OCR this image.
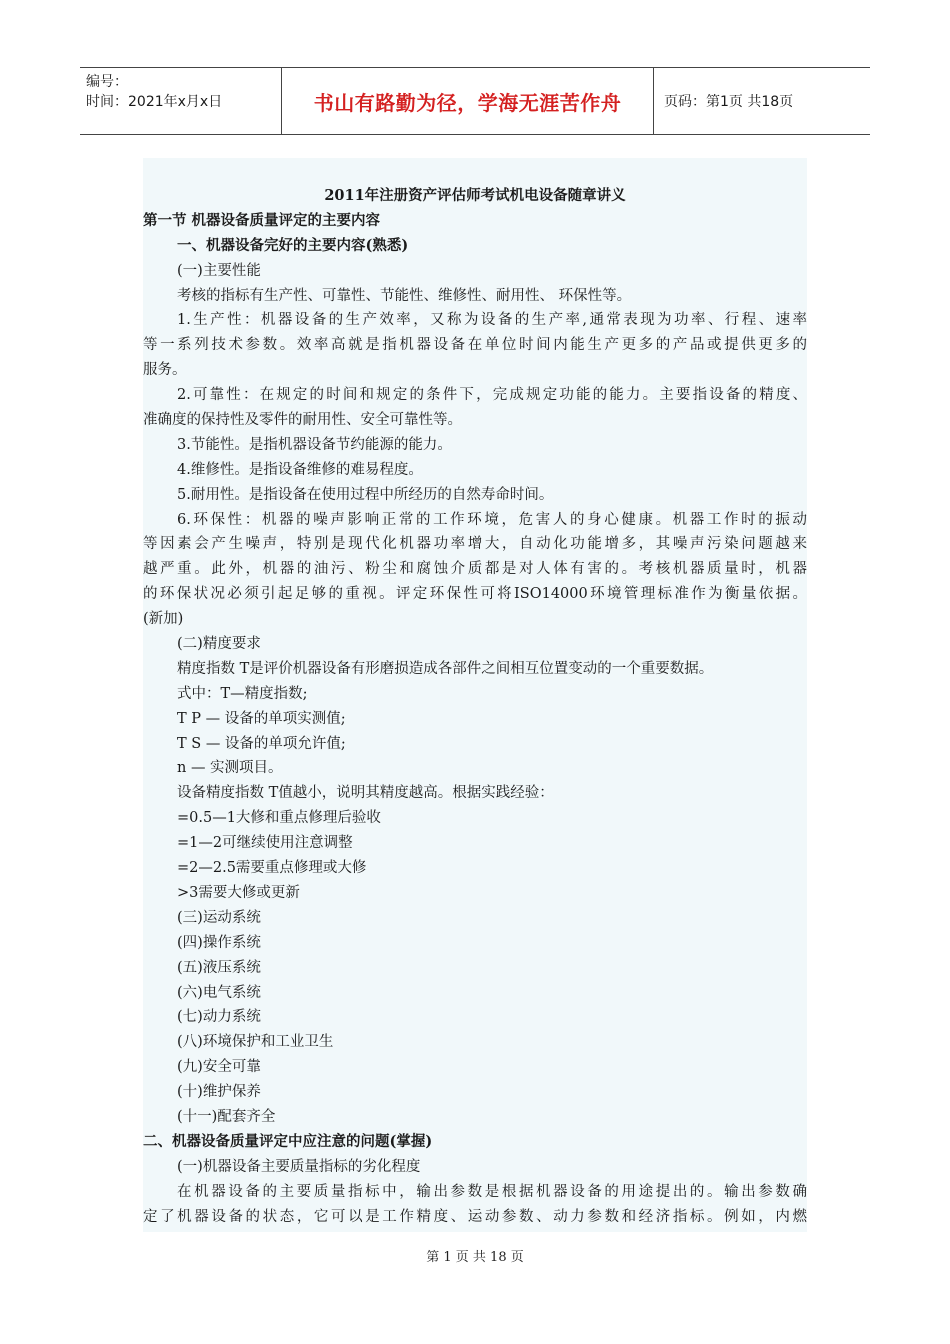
编号：
时间：2021年x月x日	书山有路勤为径，学海无涯苦作舟	页码：第1页 共18页
2011年注册资产评估师考试机电设备随章讲义
第一节 机器设备质量评定的主要内容
一、机器设备完好的主要内容(熟悉)
(一)主要性能
考核的指标有生产性、可靠性、节能性、维修性、耐用性、 环保性等。
1.生产性：机器设备的生产效率，又称为设备的生产率,通常表现为功率、行程、速率
等一系列技术参数。效率高就是指机器设备在单位时间内能生产更多的产品或提供更多的
服务。
2.可靠性：在规定的时间和规定的条件下，完成规定功能的能力。主要指设备的精度、
准确度的保持性及零件的耐用性、安全可靠性等。
3.节能性。是指机器设备节约能源的能力。
4.维修性。是指设备维修的难易程度。
5.耐用性。是指设备在使用过程中所经历的自然寿命时间。
6.环保性：机器的噪声影响正常的工作环境，危害人的身心健康。机器工作时的振动
等因素会产生噪声，特别是现代化机器功率增大，自动化功能增多，其噪声污染问题越来
越严重。此外，机器的油污、粉尘和腐蚀介质都是对人体有害的。考核机器质量时，机器
的环保状况必须引起足够的重视。评定环保性可将ISO14000环境管理标准作为衡量依据。
(新加)
(二)精度要求
精度指数 T是评价机器设备有形磨损造成各部件之间相互位置变动的一个重要数据。
式中：T—精度指数;
T P — 设备的单项实测值;
T S — 设备的单项允许值;
n — 实测项目。
设备精度指数 T值越小，说明其精度越高。根据实践经验：
=0.5—1大修和重点修理后验收
=1—2可继续使用注意调整
=2—2.5需要重点修理或大修
>3需要大修或更新
(三)运动系统
(四)操作系统
(五)液压系统
(六)电气系统
(七)动力系统
(八)环境保护和工业卫生
(九)安全可靠
(十)维护保养
(十一)配套齐全
二、机器设备质量评定中应注意的问题(掌握)
(一)机器设备主要质量指标的劣化程度
在机器设备的主要质量指标中，输出参数是根据机器设备的用途提出的。输出参数确
定了机器设备的状态，它可以是工作精度、运动参数、动力参数和经济指标。例如，内燃
第 1 页 共 18 页
